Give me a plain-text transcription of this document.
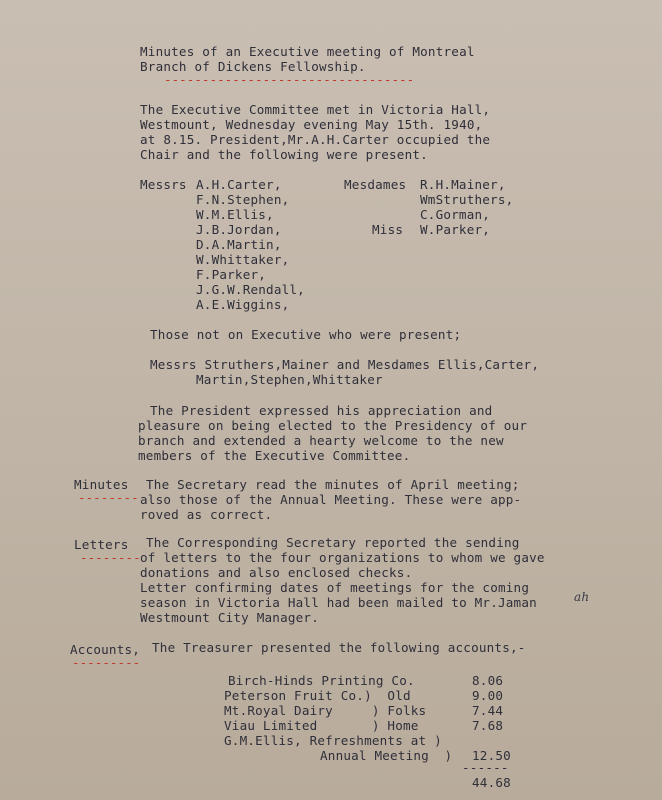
Minutes of an Executive meeting of Montreal
Branch of Dickens Fellowship.
---------------------------------
The Executive Committee met in Victoria Hall,
Westmount, Wednesday evening May 15th. 1940,
at 8.15. President,Mr.A.H.Carter occupied the
Chair and the following were present.
Messrs A.H.Carter,
F.N.Stephen,
W.M.Ellis,
J.B.Jordan,
D.A.Martin,
W.Whittaker,
F.Parker,
J.G.W.Rendall,
A.E.Wiggins,
Mesdames R.H.Mainer,
WmStruthers,
C.Gorman,
Miss W.Parker,
Those not on Executive who were present;
Messrs Struthers,Mainer and Mesdames Ellis,Carter,
Martin,Stephen,Whittaker
The President expressed his appreciation and
pleasure on being elected to the Presidency of our
branch and extended a hearty welcome to the new
members of the Executive Committee.
Minutes The Secretary read the minutes of April meeting;
-------- also those of the Annual Meeting. These were app-
roved as correct.
Letters The Corresponding Secretary reported the sending
-------- of letters to the four organizations to whom we gave
donations and also enclosed checks.
Letter confirming dates of meetings for the coming
season in Victoria Hall had been mailed to Mr.Jaman	ah
Westmount City Manager.
Accounts, The Treasurer presented the following accounts,-
---------
Birch-Hinds Printing Co.	8.06
Peterson Fruit Co.)  Old	9.00
Mt.Royal Dairy     ) Folks	7.44
Viau Limited       ) Home	7.68
G.M.Ellis, Refreshments at )
Annual Meeting  ) 12.50
------
44.68
